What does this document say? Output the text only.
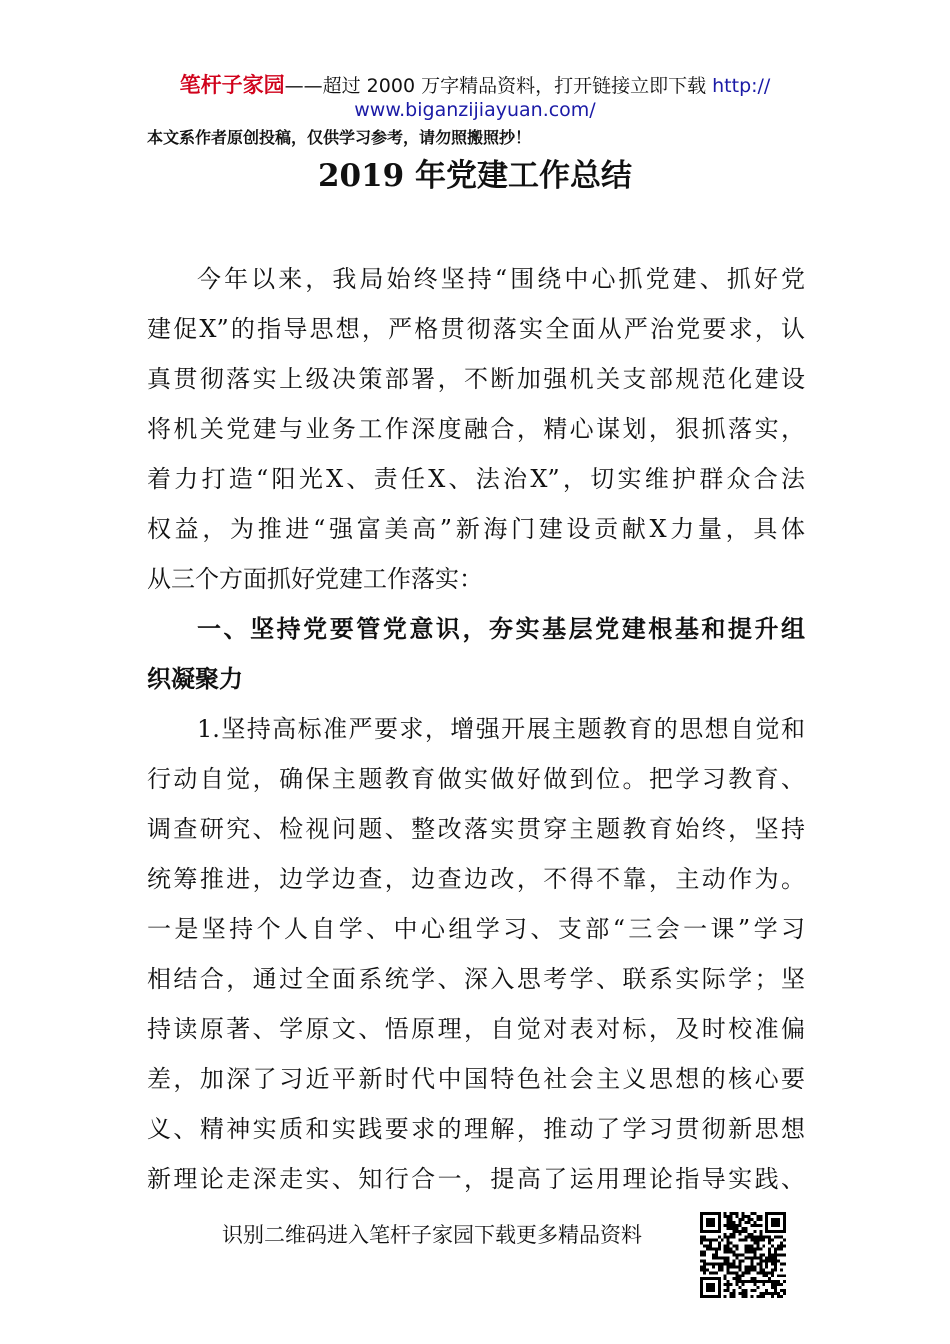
笔杆子家园——超过 2000 万字精品资料，打开链接立即下载 http://
www.biganzijiayuan.com/
本文系作者原创投稿，仅供学习参考，请勿照搬照抄！
2019 年党建工作总结
今年以来，我局始终坚持“围绕中心抓党建、抓好党
建促X”的指导思想，严格贯彻落实全面从严治党要求，认
真贯彻落实上级决策部署，不断加强机关支部规范化建设
将机关党建与业务工作深度融合，精心谋划，狠抓落实，
着力打造“阳光X、责任X、法治X”，切实维护群众合法
权益，为推进“强富美高”新海门建设贡献X力量，具体
从三个方面抓好党建工作落实：
一、坚持党要管党意识，夯实基层党建根基和提升组
织凝聚力
1.坚持高标准严要求，增强开展主题教育的思想自觉和
行动自觉，确保主题教育做实做好做到位。把学习教育、
调查研究、检视问题、整改落实贯穿主题教育始终，坚持
统筹推进，边学边查，边查边改，不得不靠，主动作为。
一是坚持个人自学、中心组学习、支部“三会一课”学习
相结合，通过全面系统学、深入思考学、联系实际学；坚
持读原著、学原文、悟原理，自觉对表对标，及时校准偏
差，加深了习近平新时代中国特色社会主义思想的核心要
义、精神实质和实践要求的理解，推动了学习贯彻新思想
新理论走深走实、知行合一，提高了运用理论指导实践、
识别二维码进入笔杆子家园下载更多精品资料
